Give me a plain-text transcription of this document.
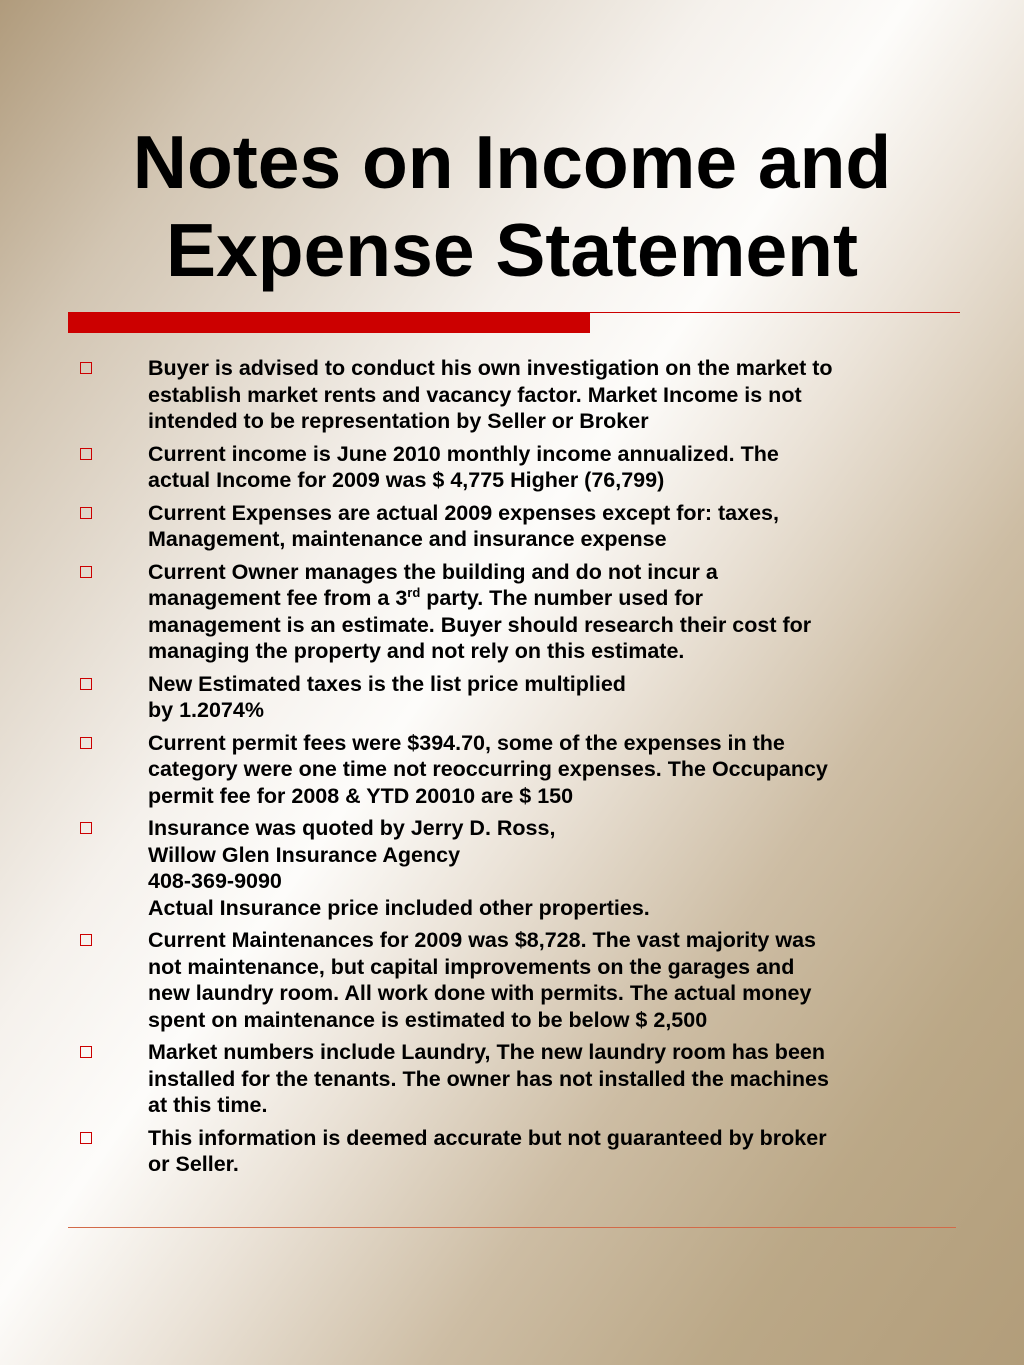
Notes on Income and
Expense Statement
Buyer is advised to conduct his own investigation on the market to
establish market rents and vacancy factor. Market Income is not
intended to be representation by Seller or Broker
Current income is June 2010 monthly income annualized. The
actual Income for 2009 was $ 4,775 Higher (76,799)
Current Expenses are actual 2009 expenses except for: taxes,
Management, maintenance and insurance expense
Current Owner manages the building and do not incur a
management fee from a 3rd party. The number used for
management is an estimate. Buyer should research their cost for
managing the property and not rely on this estimate.
New Estimated taxes is the list price multiplied
by 1.2074%
Current permit fees were $394.70, some of the expenses in the
category were one time not reoccurring expenses. The Occupancy
permit fee for 2008 & YTD 20010 are $ 150
Insurance was quoted by Jerry D. Ross,
Willow Glen Insurance Agency
408-369-9090
Actual Insurance price included other properties.
Current Maintenances for 2009 was $8,728. The vast majority was
not maintenance, but capital improvements on the garages and
new laundry room. All work done with permits. The actual money
spent on maintenance is estimated to be below $ 2,500
Market numbers include Laundry, The new laundry room has been
installed for the tenants. The owner has not installed the machines
at this time.
This information is deemed accurate but not guaranteed by broker
or Seller.
